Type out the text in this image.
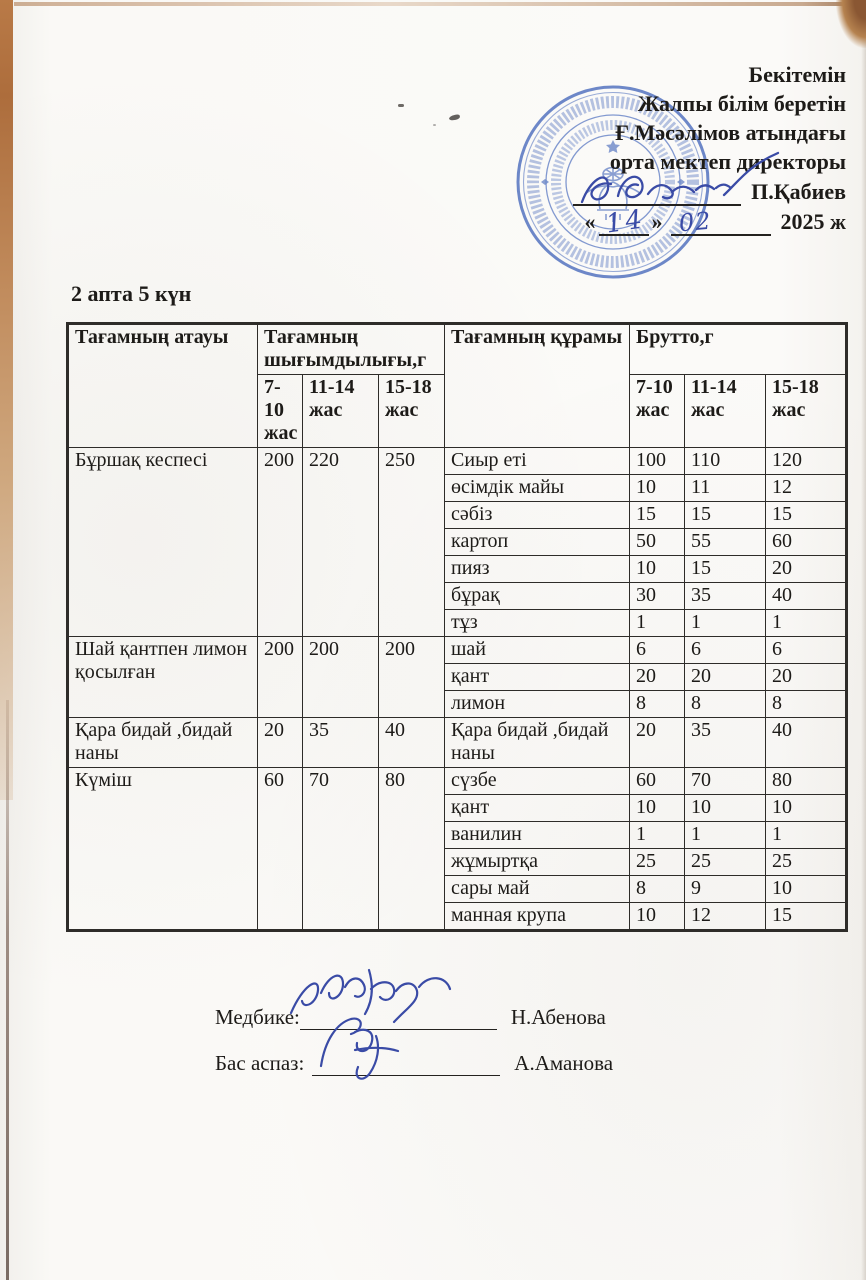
Бекітемін
Жалпы білім беретін
Ғ.Мәсәлімов атындағы
орта мектеп директоры
П.Қабиев
« 14 » 02	2025 ж
2 апта 5 күн
Тағамның атауы	Тағамның шығымдылығы,г			Тағамның құрамы	Брутто,г		
	7-10 жас	11-14 жас	15-18 жас		7-10 жас	11-14 жас	15-18 жас
Бұршақ кеспесі	200	220	250	Сиыр еті	100	110	120
				өсімдік майы	10	11	12
				сәбіз	15	15	15
				картоп	50	55	60
				пияз	10	15	20
				бұрақ	30	35	40
				тұз	1	1	1
Шай қантпен лимон қосылған	200	200	200	шай	6	6	6
				қант	20	20	20
				лимон	8	8	8
Қара бидай ,бидай наны	20	35	40	Қара бидай ,бидай наны	20	35	40
Күміш	60	70	80	сүзбе	60	70	80
				қант	10	10	10
				ванилин	1	1	1
				жұмыртқа	25	25	25
				сары май	8	9	10
				манная крупа	10	12	15
Медбике:	Н.Абенова
Бас аспаз:	А.Аманова
